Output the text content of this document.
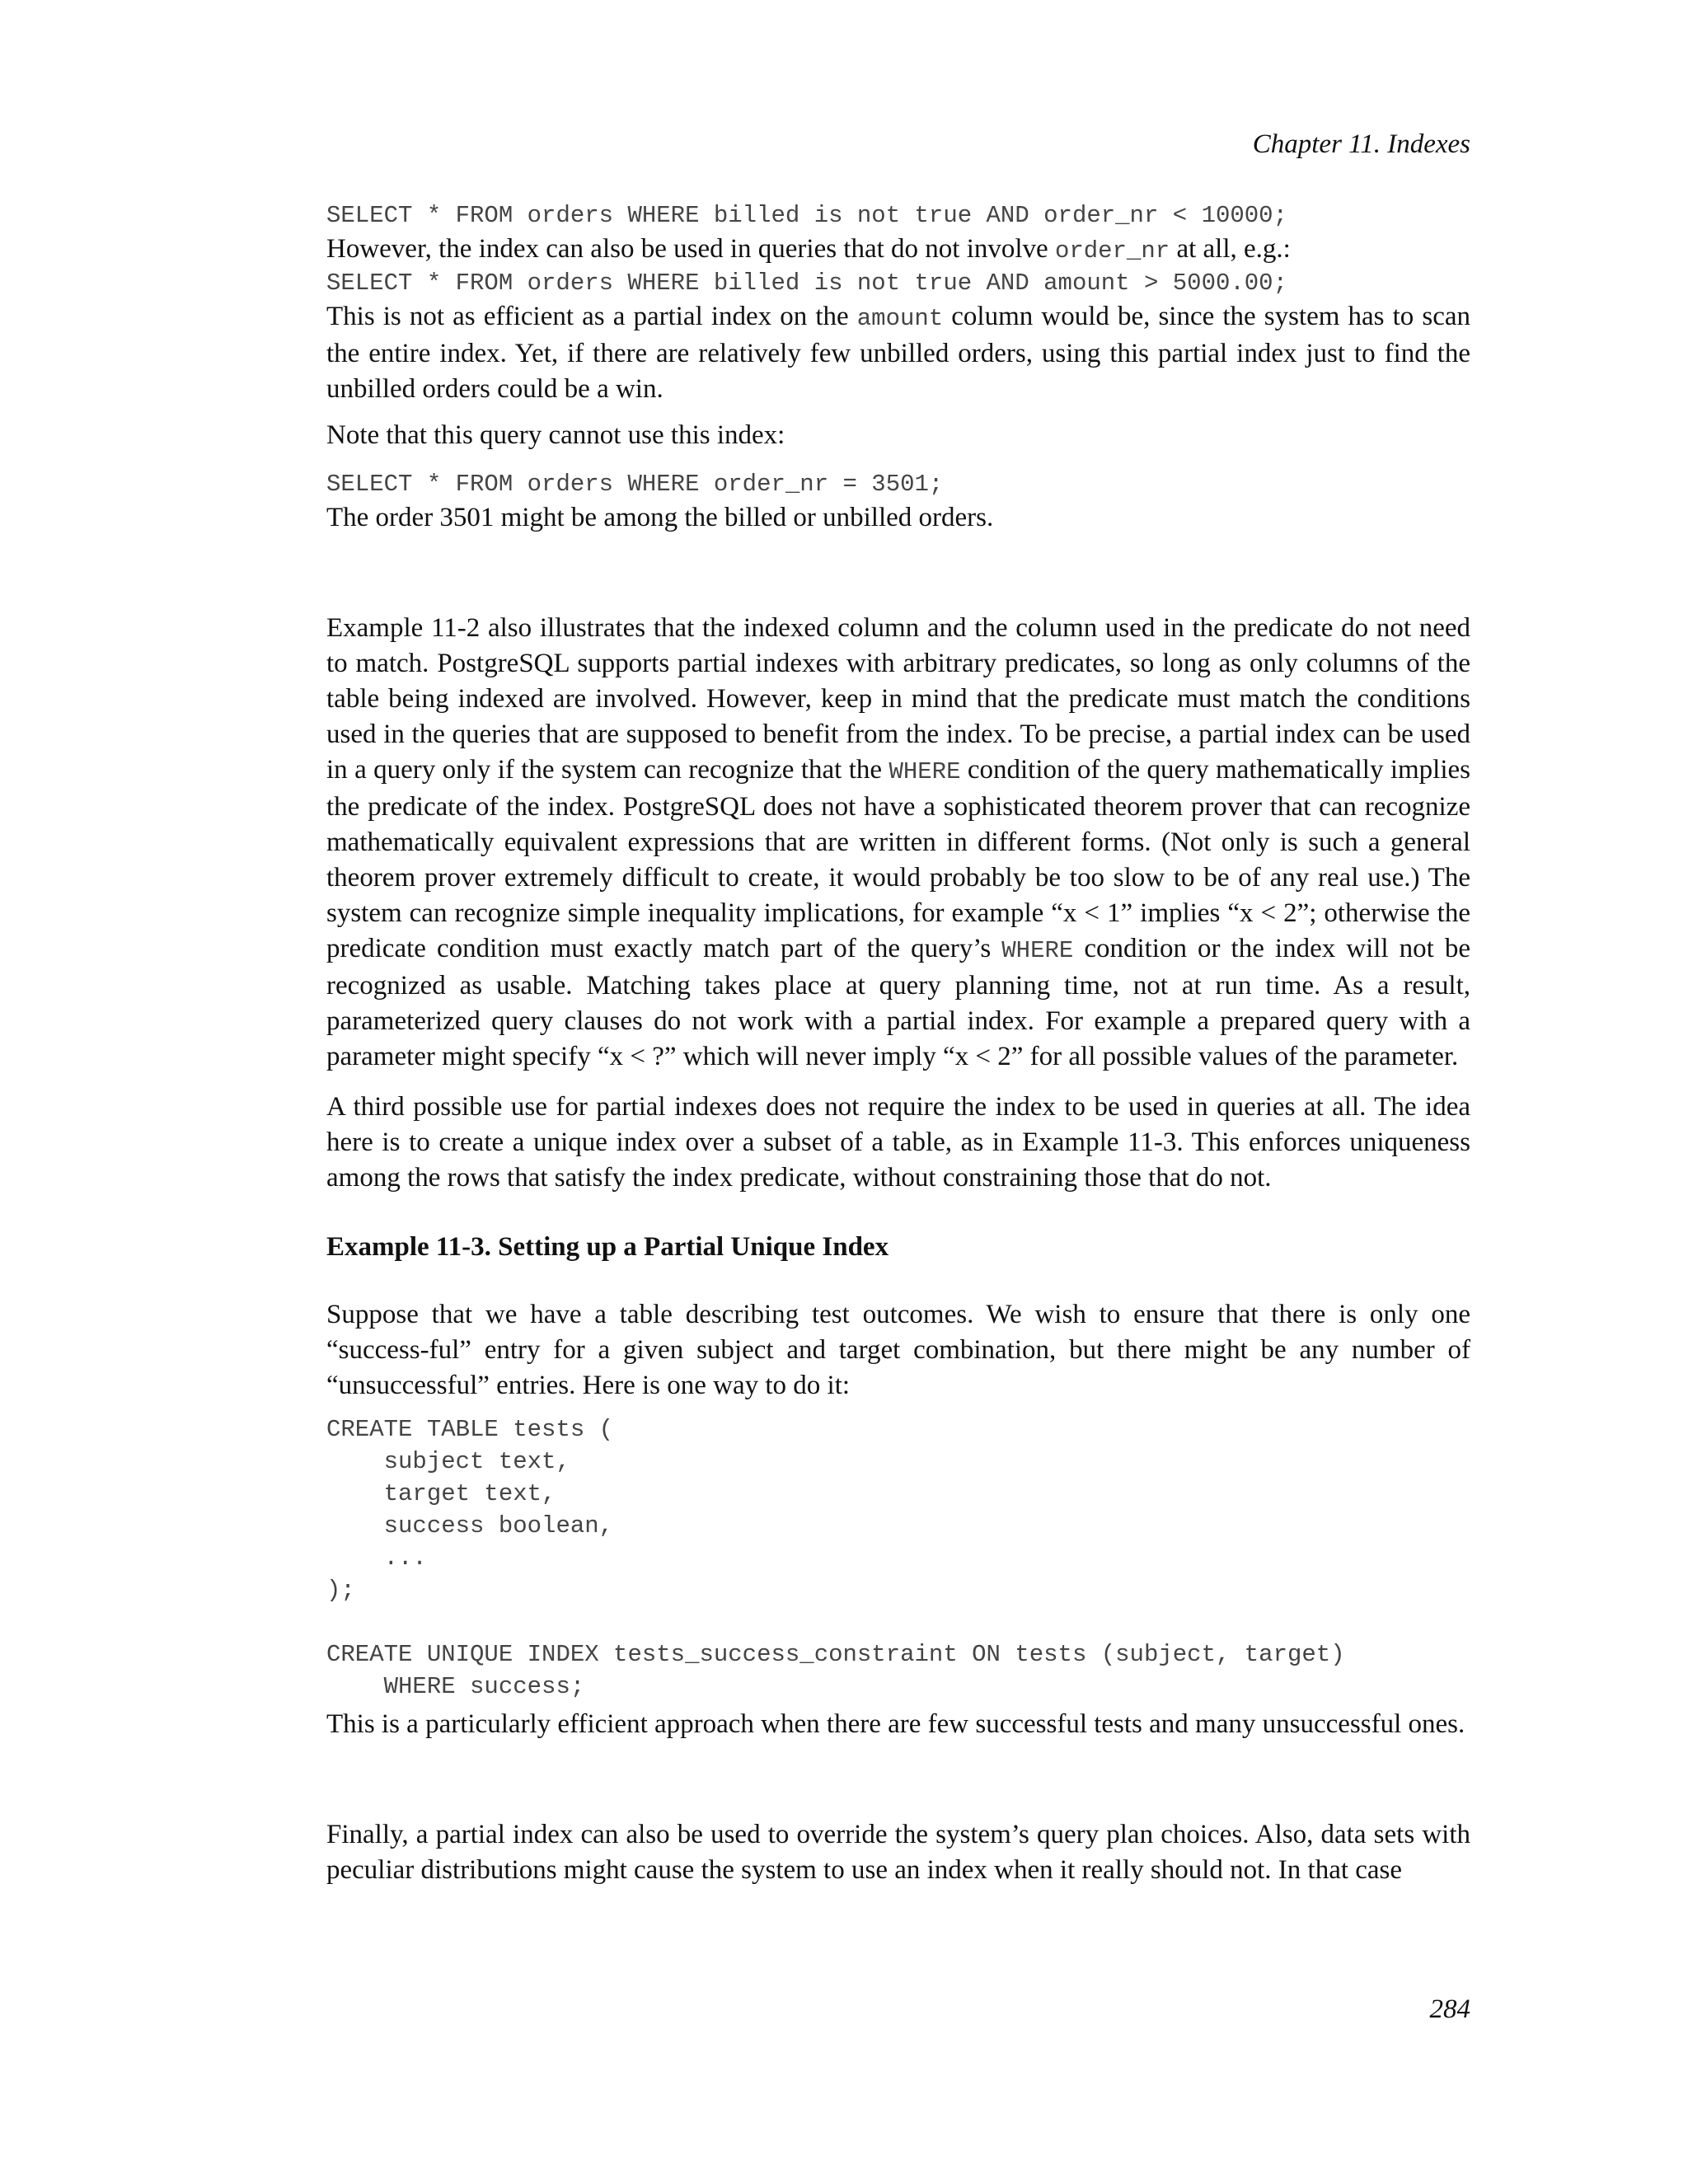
Chapter 11. Indexes
SELECT * FROM orders WHERE billed is not true AND order_nr < 10000;

However, the index can also be used in queries that do not involve order_nr at all, e.g.:

SELECT * FROM orders WHERE billed is not true AND amount > 5000.00;

This is not as efficient as a partial index on the amount column would be, since the system has to scan the entire index. Yet, if there are relatively few unbilled orders, using this partial index just to find the unbilled orders could be a win.

Note that this query cannot use this index:

SELECT * FROM orders WHERE order_nr = 3501;

The order 3501 might be among the billed or unbilled orders.

Example 11-2 also illustrates that the indexed column and the column used in the predicate do not need to match. PostgreSQL supports partial indexes with arbitrary predicates, so long as only columns of the table being indexed are involved. However, keep in mind that the predicate must match the conditions used in the queries that are supposed to benefit from the index. To be precise, a partial index can be used in a query only if the system can recognize that the WHERE condition of the query mathematically implies the predicate of the index. PostgreSQL does not have a sophisticated theorem prover that can recognize mathematically equivalent expressions that are written in different forms. (Not only is such a general theorem prover extremely difficult to create, it would probably be too slow to be of any real use.) The system can recognize simple inequality implications, for example “x < 1” implies “x < 2”; otherwise the predicate condition must exactly match part of the query’s WHERE condition or the index will not be recognized as usable. Matching takes place at query planning time, not at run time. As a result, parameterized query clauses do not work with a partial index. For example a prepared query with a parameter might specify “x < ?” which will never imply “x < 2” for all possible values of the parameter.

A third possible use for partial indexes does not require the index to be used in queries at all. The idea here is to create a unique index over a subset of a table, as in Example 11-3. This enforces uniqueness among the rows that satisfy the index predicate, without constraining those that do not.

Example 11-3. Setting up a Partial Unique Index

Suppose that we have a table describing test outcomes. We wish to ensure that there is only one “success-ful” entry for a given subject and target combination, but there might be any number of “unsuccessful” entries. Here is one way to do it:

CREATE TABLE tests (
subject text,
target text,
success boolean,
...
);

CREATE UNIQUE INDEX tests_success_constraint ON tests (subject, target)
WHERE success;

This is a particularly efficient approach when there are few successful tests and many unsuccessful ones.

Finally, a partial index can also be used to override the system’s query plan choices. Also, data sets with peculiar distributions might cause the system to use an index when it really should not. In that case

284
